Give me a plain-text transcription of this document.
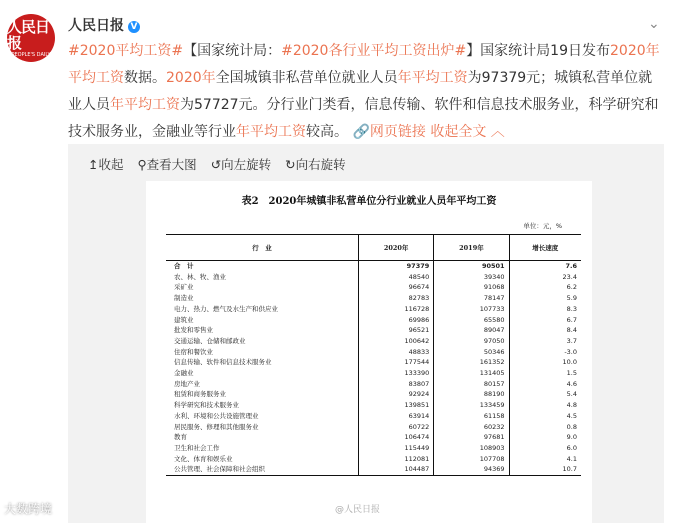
人民日报
PEOPLE'S DAILY
人民日报 V	⌄
#2020平均工资#【国家统计局：#2020各行业平均工资出炉#】国家统计局19日发布2020年平均工资数据。2020年全国城镇非私营单位就业人员年平均工资为97379元；城镇私营单位就业人员年平均工资为57727元。分行业门类看，信息传输、软件和信息技术服务业，科学研究和技术服务业，金融业等行业年平均工资较高。 🔗网页链接 收起全文 ︿
↥收起 ⚲查看大图 ↺向左旋转 ↻向右旋转
表2　2020年城镇非私营单位分行业就业人员年平均工资
单位：元，%
行　业	2020年	2019年	增长速度
合　计	97379	90501	7.6
农、林、牧、渔业	48540	39340	23.4
采矿业	96674	91068	6.2
制造业	82783	78147	5.9
电力、热力、燃气及水生产和供应业	116728	107733	8.3
建筑业	69986	65580	6.7
批发和零售业	96521	89047	8.4
交通运输、仓储和邮政业	100642	97050	3.7
住宿和餐饮业	48833	50346	-3.0
信息传输、软件和信息技术服务业	177544	161352	10.0
金融业	133390	131405	1.5
房地产业	83807	80157	4.6
租赁和商务服务业	92924	88190	5.4
科学研究和技术服务业	139851	133459	4.8
水利、环境和公共设施管理业	63914	61158	4.5
居民服务、修理和其他服务业	60722	60232	0.8
教育	106474	97681	9.0
卫生和社会工作	115449	108903	6.0
文化、体育和娱乐业	112081	107708	4.1
公共管理、社会保障和社会组织	104487	94369	10.7
大数跨境	@人民日报
